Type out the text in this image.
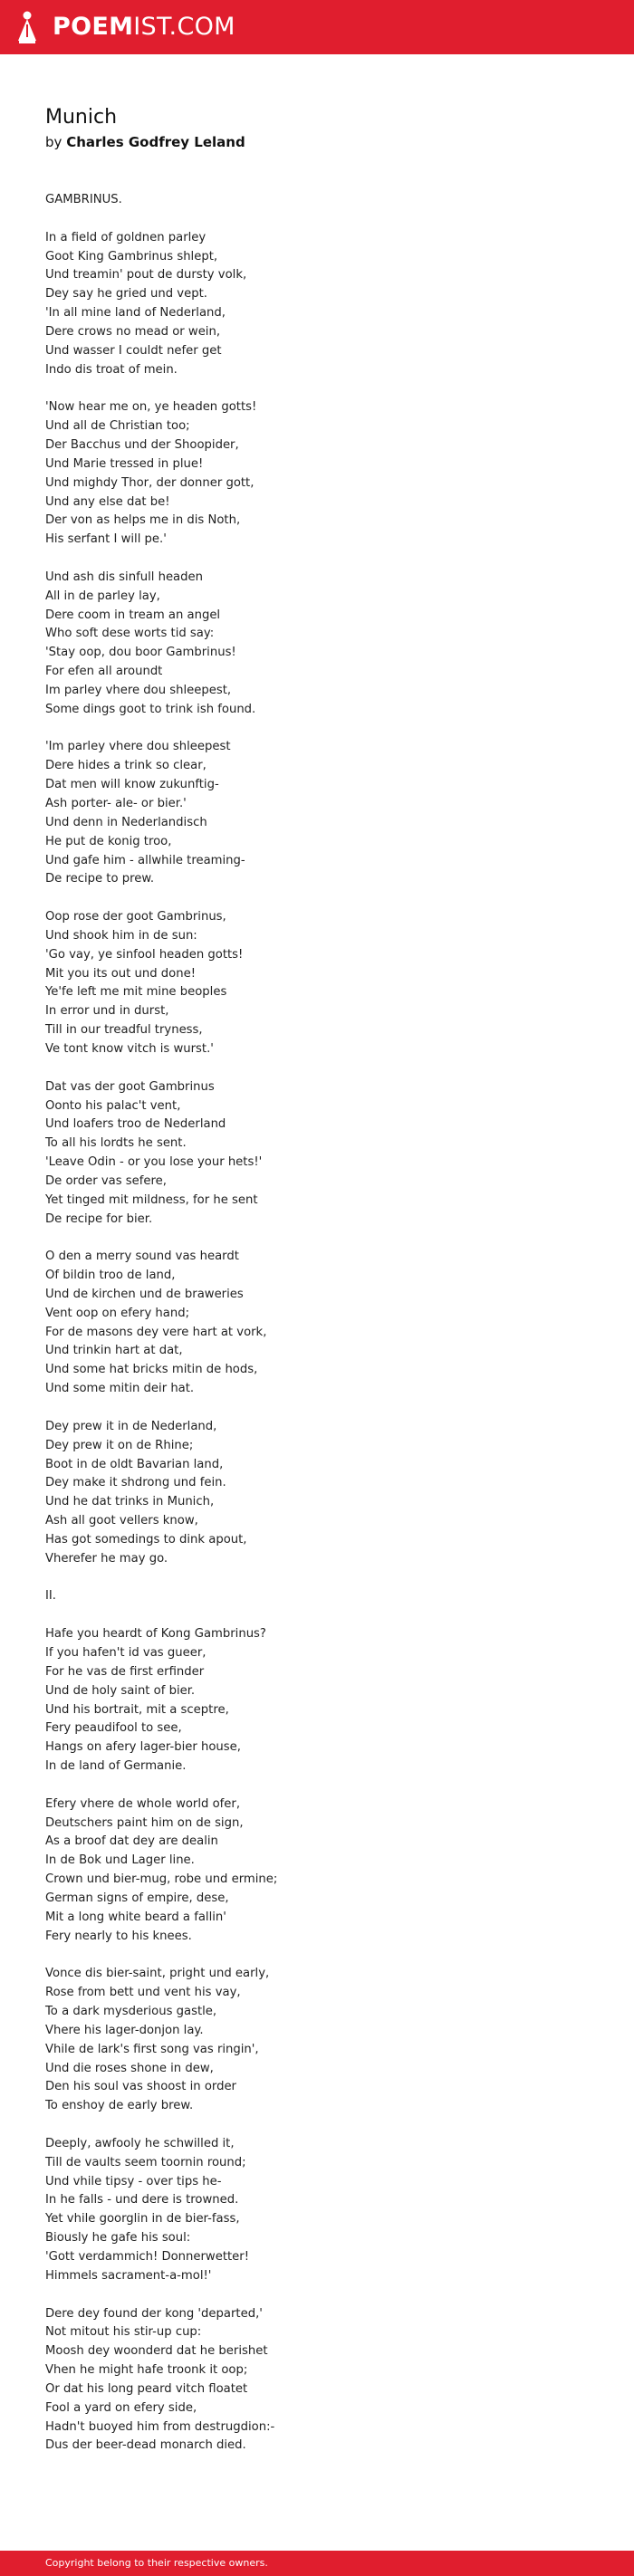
POEMIST.COM
Munich
by Charles Godfrey Leland
GAMBRINUS.
In a field of goldnen parley
Goot King Gambrinus shlept,
Und treamin' pout de dursty volk,
Dey say he gried und vept.
'In all mine land of Nederland,
Dere crows no mead or wein,
Und wasser I couldt nefer get
Indo dis troat of mein.
'Now hear me on, ye headen gotts!
Und all de Christian too;
Der Bacchus und der Shoopider,
Und Marie tressed in plue!
Und mighdy Thor, der donner gott,
Und any else dat be!
Der von as helps me in dis Noth,
His serfant I will pe.'
Und ash dis sinfull headen
All in de parley lay,
Dere coom in tream an angel
Who soft dese worts tid say:
'Stay oop, dou boor Gambrinus!
For efen all aroundt
Im parley vhere dou shleepest,
Some dings goot to trink ish found.
'Im parley vhere dou shleepest
Dere hides a trink so clear,
Dat men will know zukunftig-
Ash porter- ale- or bier.'
Und denn in Nederlandisch
He put de konig troo,
Und gafe him - allwhile treaming-
De recipe to prew.
Oop rose der goot Gambrinus,
Und shook him in de sun:
'Go vay, ye sinfool headen gotts!
Mit you its out und done!
Ye'fe left me mit mine beoples
In error und in durst,
Till in our treadful tryness,
Ve tont know vitch is wurst.'
Dat vas der goot Gambrinus
Oonto his palac't vent,
Und loafers troo de Nederland
To all his lordts he sent.
'Leave Odin - or you lose your hets!'
De order vas sefere,
Yet tinged mit mildness, for he sent
De recipe for bier.
O den a merry sound vas heardt
Of bildin troo de land,
Und de kirchen und de braweries
Vent oop on efery hand;
For de masons dey vere hart at vork,
Und trinkin hart at dat,
Und some hat bricks mitin de hods,
Und some mitin deir hat.
Dey prew it in de Nederland,
Dey prew it on de Rhine;
Boot in de oldt Bavarian land,
Dey make it shdrong und fein.
Und he dat trinks in Munich,
Ash all goot vellers know,
Has got somedings to dink apout,
Vherefer he may go.
II.
Hafe you heardt of Kong Gambrinus?
If you hafen't id vas gueer,
For he vas de first erfinder
Und de holy saint of bier.
Und his bortrait, mit a sceptre,
Fery peaudifool to see,
Hangs on afery lager-bier house,
In de land of Germanie.
Efery vhere de whole world ofer,
Deutschers paint him on de sign,
As a broof dat dey are dealin
In de Bok und Lager line.
Crown und bier-mug, robe und ermine;
German signs of empire, dese,
Mit a long white beard a fallin'
Fery nearly to his knees.
Vonce dis bier-saint, pright und early,
Rose from bett und vent his vay,
To a dark mysderious gastle,
Vhere his lager-donjon lay.
Vhile de lark's first song vas ringin',
Und die roses shone in dew,
Den his soul vas shoost in order
To enshoy de early brew.
Deeply, awfooly he schwilled it,
Till de vaults seem toornin round;
Und vhile tipsy - over tips he-
In he falls - und dere is trowned.
Yet vhile goorglin in de bier-fass,
Biously he gafe his soul:
'Gott verdammich! Donnerwetter!
Himmels sacrament-a-mol!'
Dere dey found der kong 'departed,'
Not mitout his stir-up cup:
Moosh dey woonderd dat he berishet
Vhen he might hafe troonk it oop;
Or dat his long peard vitch floatet
Fool a yard on efery side,
Hadn't buoyed him from destrugdion:-
Dus der beer-dead monarch died.
Copyright belong to their respective owners.
